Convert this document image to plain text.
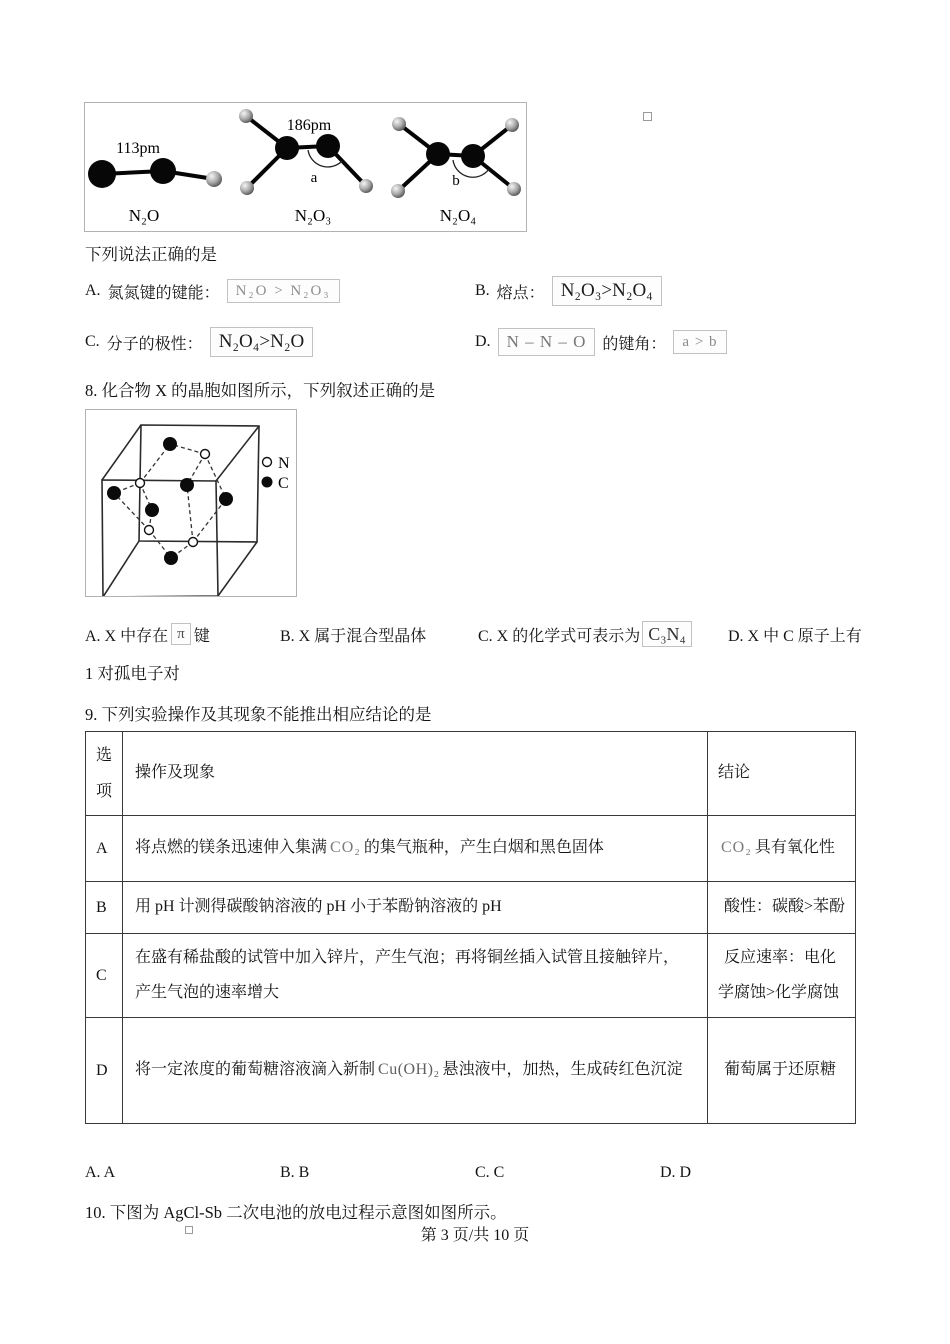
113pm
N₂O
a
186pm
N₂O₃
b
N₂O₄
下列说法正确的是
A. 氮氮键的键能：	N₂O > N₂O₃	B. 熔点： N₂O₃>N₂O₄
C. 分子的极性： N₂O₄>N₂O	D. N – N – O	的键角：	a > b
8. 化合物 X 的晶胞如图所示，下列叙述正确的是
N
C
A. X 中存在 π 键	B. X 属于混合型晶体	C. X 的化学式可表示为 C₃N₄	D. X 中 C 原子上有
1 对孤电子对
9. 下列实验操作及其现象不能推出相应结论的是
选项	操作及现象	结论
A	将点燃的镁条迅速伸入集满 CO₂ 的集气瓶种，产生白烟和黑色固体	CO₂ 具有氧化性
B	用 pH 计测得碳酸钠溶液的 pH 小于苯酚钠溶液的 pH	酸性：碳酸>苯酚
C	在盛有稀盐酸的试管中加入锌片，产生气泡；再将铜丝插入试管且接触锌片，产生气泡的速率增大	反应速率：电化学腐蚀>化学腐蚀
D	将一定浓度的葡萄糖溶液滴入新制 Cu(OH)₂ 悬浊液中，加热，生成砖红色沉淀	葡萄属于还原糖
A. A	B. B	C. C	D. D
10. 下图为 AgCl-Sb 二次电池的放电过程示意图如图所示。
第 3 页/共 10 页
